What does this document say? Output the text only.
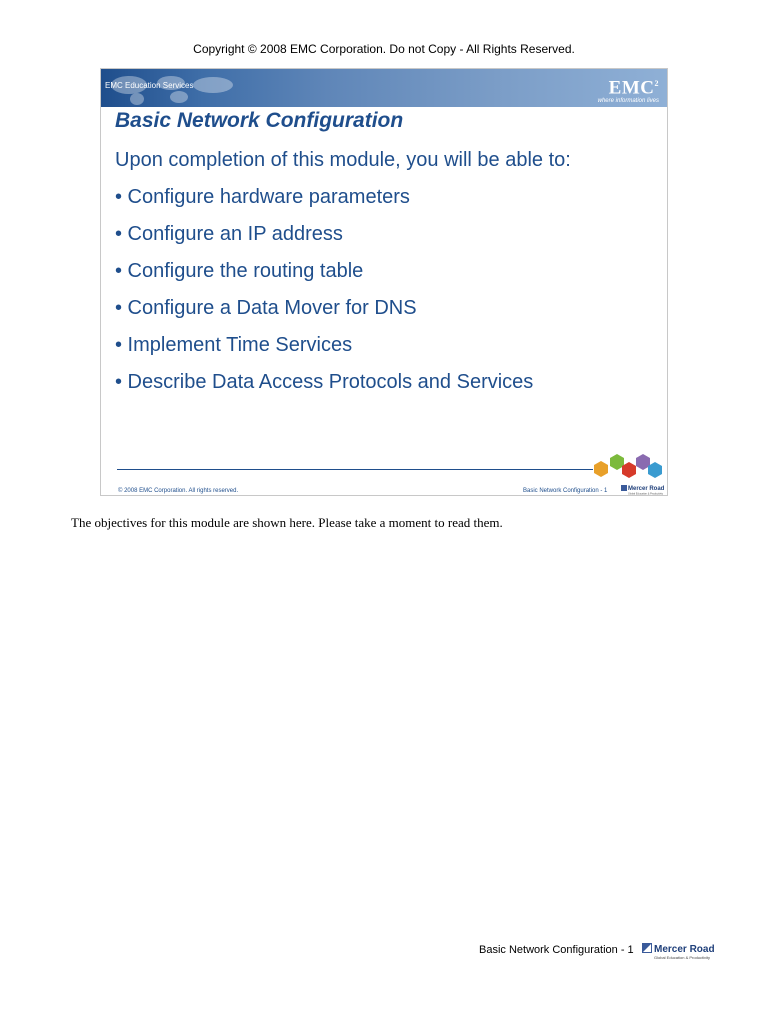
Copyright © 2008 EMC Corporation. Do not Copy - All Rights Reserved.
EMC Education Services	EMC$^2$
where information lives
Basic Network Configuration
Upon completion of this module, you will be able to:
• Configure hardware parameters
• Configure an IP address
• Configure the routing table
• Configure a Data Mover for DNS
• Implement Time Services
• Describe Data Access Protocols and Services
© 2008 EMC Corporation. All rights reserved.	Basic Network Configuration - 1	Mercer Road
Global Education & Productivity
The objectives for this module are shown here. Please take a moment to read them.
Basic Network Configuration - 1 Mercer Road
Global Education & Productivity
